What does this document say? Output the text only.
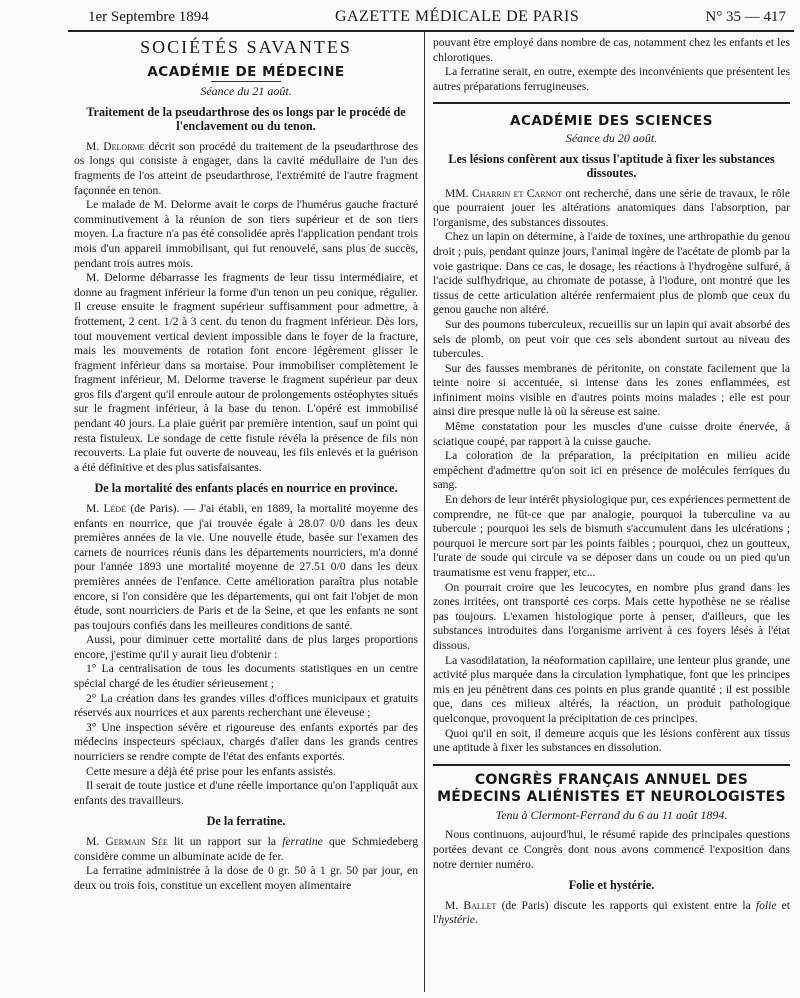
1er Septembre 1894	GAZETTE MÉDICALE DE PARIS	N° 35 — 417
SOCIÉTÉS SAVANTES
ACADÉMIE DE MÉDECINE
Séance du 21 août.
Traitement de la pseudarthrose des os longs par le procédé de l'enclavement ou du tenon.

M. Delorme décrit son procédé du traitement de la pseudarthrose des os longs qui consiste à engager, dans la cavité médullaire de l'un des fragments de l'os atteint de pseudarthrose, l'extrémité de l'autre fragment façonnée en tenon.

Le malade de M. Delorme avait le corps de l'humérus gauche fracturé comminutivement à la réunion de son tiers supérieur et de son tiers moyen. La fracture n'a pas été consolidée après l'application pendant trois mois d'un appareil immobilisant, qui fut renouvelé, sans plus de succès, pendant trois autres mois.

M. Delorme débarrasse les fragments de leur tissu intermédiaire, et donne au fragment inférieur la forme d'un tenon un peu conique, régulier. Il creuse ensuite le fragment supérieur suffisamment pour admettre, à frottement, 2 cent. 1/2 à 3 cent. du tenon du fragment inférieur. Dès lors, tout mouvement vertical devient impossible dans le foyer de la fracture, mais les mouvements de rotation font encore légèrement glisser le fragment inférieur dans sa mortaise. Pour immobiliser complètement le fragment inférieur, M. Delorme traverse le fragment supérieur par deux gros fils d'argent qu'il enroule autour de prolongements ostéophytes situés sur le fragment inférieur, à la base du tenon. L'opéré est immobilisé pendant 40 jours. La plaie guérit par première intention, sauf un point qui resta fistuleux. Le sondage de cette fistule révéla la présence de fils non recouverts. La plaie fut ouverte de nouveau, les fils enlevés et la guérison a été définitive et des plus satisfaisantes.

De la mortalité des enfants placés en nourrice en province.

M. Lédé (de Paris). — J'ai établi, en 1889, la mortalité moyenne des enfants en nourrice, que j'ai trouvée égale à 28.07 0/0 dans les deux premières années de la vie. Une nouvelle étude, basée sur l'examen des carnets de nourrices réunis dans les départements nourriciers, m'a donné pour l'année 1893 une mortalité moyenne de 27.51 0/0 dans les deux premières années de l'enfance. Cette amélioration paraîtra plus notable encore, si l'on considère que les départements, qui ont fait l'objet de mon étude, sont nourriciers de Paris et de la Seine, et que les enfants ne sont pas toujours confiés dans les meilleures conditions de santé.

Aussi, pour diminuer cette mortalité dans de plus larges proportions encore, j'estime qu'il y aurait lieu d'obtenir :

1° La centralisation de tous les documents statistiques en un centre spécial chargé de les étudier sérieusement ;

2° La création dans les grandes villes d'offices municipaux et gratuits réservés aux nourrices et aux parents recherchant une éleveuse ;

3° Une inspection sévère et rigoureuse des enfants exportés par des médecins inspecteurs spéciaux, chargés d'aller dans les grands centres nourriciers se rendre compte de l'état des enfants exportés.

Cette mesure a déjà été prise pour les enfants assistés.

Il serait de toute justice et d'une réelle importance qu'on l'appliquât aux enfants des travailleurs.

De la ferratine.

M. Germain Sée lit un rapport sur la ferratine que Schmiedeberg considère comme un albuminate acide de fer.

La ferratine administrée à la dose de 0 gr. 50 à 1 gr. 50 par jour, en deux ou trois fois, constitue un excellent moyen alimentaire

pouvant être employé dans nombre de cas, notamment chez les enfants et les chlorotiques.

La ferratine serait, en outre, exempte des inconvénients que présentent les autres préparations ferrugineuses.

ACADÉMIE DES SCIENCES
Séance du 20 août.
Les lésions confèrent aux tissus l'aptitude à fixer les substances dissoutes.

MM. Charrin et Carnot ont recherché, dans une série de travaux, le rôle que pourraient jouer les altérations anatomiques dans l'absorption, par l'organisme, des substances dissoutes.

Chez un lapin on détermine, à l'aide de toxines, une arthropathie du genou droit ; puis, pendant quinze jours, l'animal ingère de l'acétate de plomb par la voie gastrique. Dans ce cas, le dosage, les réactions à l'hydrogène sulfuré, à l'acide sulfhydrique, au chromate de potasse, à l'iodure, ont montré que les tissus de cette articulation altérée renfermaient plus de plomb que ceux du genou gauche non altéré.

Sur des poumons tuberculeux, recueillis sur un lapin qui avait absorbé des sels de plomb, on peut voir que ces sels abondent surtout au niveau des tubercules.

Sur des fausses membranes de péritonite, on constate facilement que la teinte noire si accentuée, si intense dans les zones enflammées, est infiniment moins visible en d'autres points moins malades ; elle est pour ainsi dire presque nulle là où la séreuse est saine.

Même constatation pour les muscles d'une cuisse droite énervée, à sciatique coupé, par rapport à la cuisse gauche.

La coloration de la préparation, la précipitation en milieu acide empêchent d'admettre qu'on soit ici en présence de molécules ferriques du sang.

En dehors de leur intérêt physiologique pur, ces expériences permettent de comprendre, ne fût-ce que par analogie, pourquoi la tuberculine va au tubercule ; pourquoi les sels de bismuth s'accumulent dans les ulcérations ; pourquoi le mercure sort par les points faibles ; pourquoi, chez un goutteux, l'urate de soude qui circule va se déposer dans un coude ou un pied qu'un traumatisme est venu frapper, etc...

On pourrait croire que les leucocytes, en nombre plus grand dans les zones irritées, ont transporté ces corps. Mais cette hypothèse ne se réalise pas toujours. L'examen histologique porte à penser, d'ailleurs, que les substances introduites dans l'organisme arrivent à ces foyers lésés à l'état dissous.

La vasodilatation, la néoformation capillaire, une lenteur plus grande, une activité plus marquée dans la circulation lymphatique, font que les principes mis en jeu pénètrent dans ces points en plus grande quantité ; il est possible que, dans ces milieux altérés, la réaction, un produit pathologique quelconque, provoquent la précipitation de ces principes.

Quoi qu'il en soit, il demeure acquis que les lésions confèrent aux tissus une aptitude à fixer les substances en dissolution.

CONGRÈS FRANÇAIS ANNUEL DES MÉDECINS ALIÉNISTES ET NEUROLOGISTES
Tenu à Clermont-Ferrand du 6 au 11 août 1894.

Nous continuons, aujourd'hui, le résumé rapide des principales questions portées devant ce Congrès dont nous avons commencé l'exposition dans notre dernier numéro.

Folie et hystérie.

M. Ballet (de Paris) discute les rapports qui existent entre la folie et l'hystérie.
